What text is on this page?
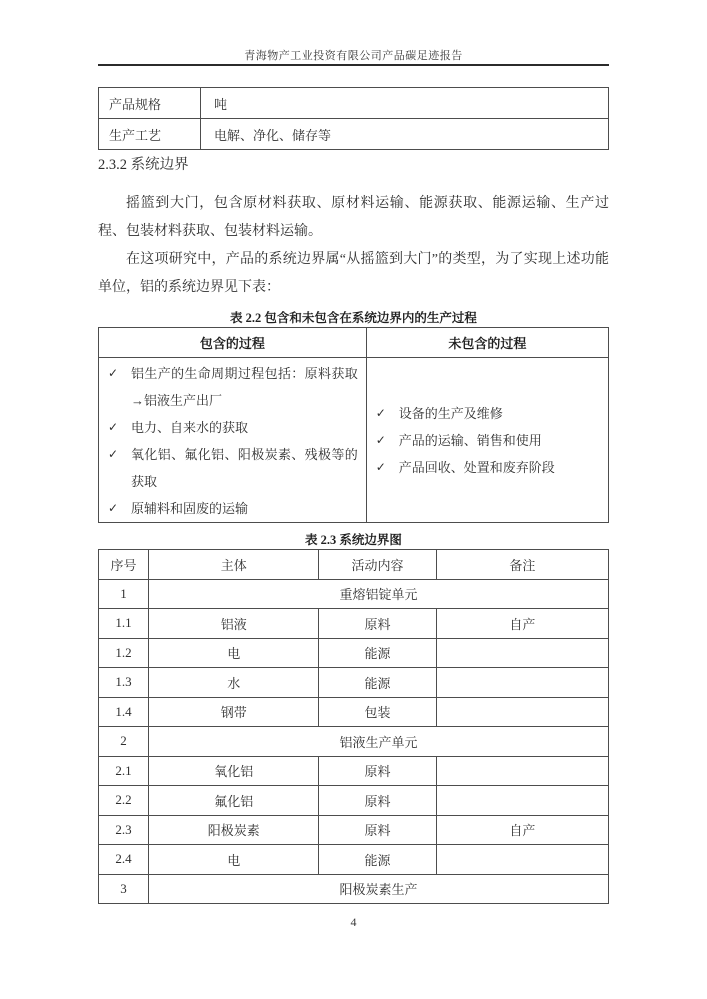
青海物产工业投资有限公司产品碳足迹报告
产品规格	吨
生产工艺	电解、净化、储存等
2.3.2 系统边界

摇篮到大门，包含原材料获取、原材料运输、能源获取、能源运输、生产过程、包装材料获取、包装材料运输。

在这项研究中，产品的系统边界属“从摇篮到大门”的类型，为了实现上述功能单位，铝的系统边界见下表：

表 2.2 包含和未包含在系统边界内的生产过程
包含的过程	未包含的过程

✓ 铝生产的生命周期过程包括：原料获取→铝液生产出厂
✓ 电力、自来水的获取
✓ 氧化铝、氟化铝、阳极炭素、残极等的获取
✓ 原辅料和固废的运输

✓ 设备的生产及维修
✓ 产品的运输、销售和使用
✓ 产品回收、处置和废弃阶段
表 2.3 系统边界图
序号	主体	活动内容	备注
1	重熔铝锭单元		
1.1	铝液	原料	自产
1.2	电	能源	
1.3	水	能源	
1.4	钢带	包装	
2	铝液生产单元		
2.1	氧化铝	原料	
2.2	氟化铝	原料	
2.3	阳极炭素	原料	自产
2.4	电	能源	
3	阳极炭素生产		
4
